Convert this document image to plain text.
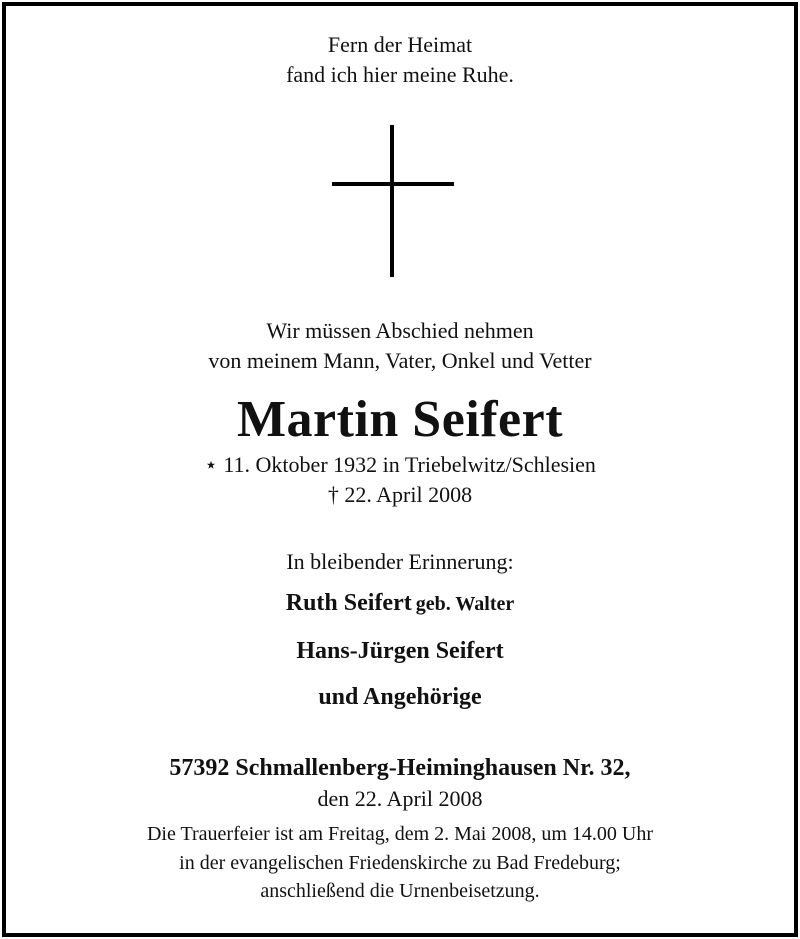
Fern der Heimat
fand ich hier meine Ruhe.
Wir müssen Abschied nehmen
von meinem Mann, Vater, Onkel und Vetter
Martin Seifert
⋆ 11. Oktober 1932 in Triebelwitz/Schlesien
† 22. April 2008
In bleibender Erinnerung:
Ruth Seifert geb. Walter
Hans-Jürgen Seifert
und Angehörige
57392 Schmallenberg-Heiminghausen Nr. 32,
den 22. April 2008
Die Trauerfeier ist am Freitag, dem 2. Mai 2008, um 14.00 Uhr
in der evangelischen Friedenskirche zu Bad Fredeburg;
anschließend die Urnenbeisetzung.
